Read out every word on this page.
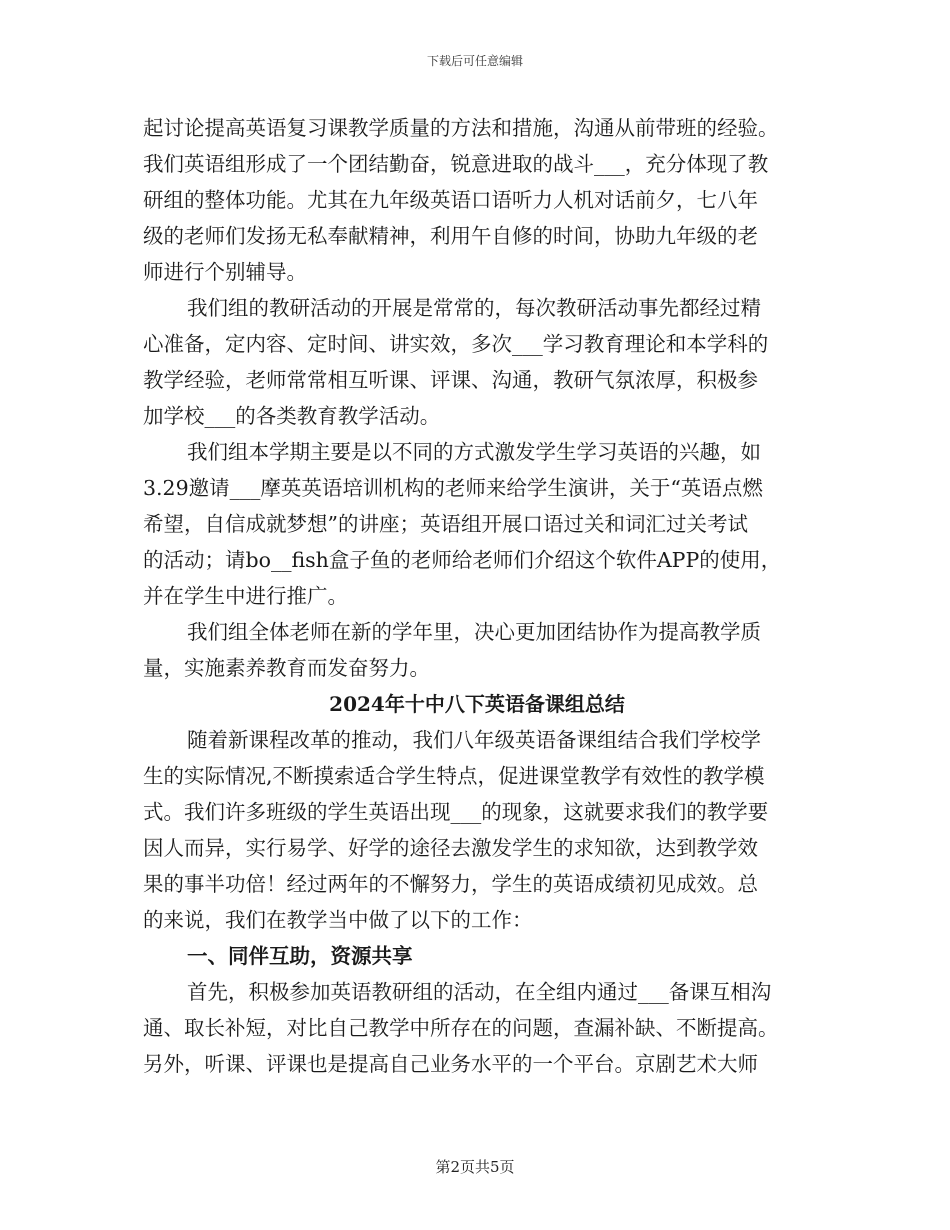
下载后可任意编辑
起讨论提高英语复习课教学质量的方法和措施，沟通从前带班的经验。
我们英语组形成了一个团结勤奋，锐意进取的战斗___，充分体现了教
研组的整体功能。尤其在九年级英语口语听力人机对话前夕，七八年
级的老师们发扬无私奉献精神，利用午自修的时间，协助九年级的老
师进行个别辅导。
我们组的教研活动的开展是常常的，每次教研活动事先都经过精
心准备，定内容、定时间、讲实效，多次___学习教育理论和本学科的
教学经验，老师常常相互听课、评课、沟通，教研气氛浓厚，积极参
加学校___的各类教育教学活动。
我们组本学期主要是以不同的方式激发学生学习英语的兴趣，如
3.29邀请___摩英英语培训机构的老师来给学生演讲，关于“英语点燃
希望，自信成就梦想”的讲座；英语组开展口语过关和词汇过关考试
的活动；请bo__fish盒子鱼的老师给老师们介绍这个软件APP的使用，
并在学生中进行推广。
我们组全体老师在新的学年里，决心更加团结协作为提高教学质
量，实施素养教育而发奋努力。
2024年十中八下英语备课组总结
随着新课程改革的推动，我们八年级英语备课组结合我们学校学
生的实际情况,不断摸索适合学生特点，促进课堂教学有效性的教学模
式。我们许多班级的学生英语出现___的现象，这就要求我们的教学要
因人而异，实行易学、好学的途径去激发学生的求知欲，达到教学效
果的事半功倍！经过两年的不懈努力，学生的英语成绩初见成效。总
的来说，我们在教学当中做了以下的工作：
一、同伴互助，资源共享
首先，积极参加英语教研组的活动，在全组内通过___备课互相沟
通、取长补短，对比自己教学中所存在的问题，查漏补缺、不断提高。
另外，听课、评课也是提高自己业务水平的一个平台。京剧艺术大师
第2页共5页
